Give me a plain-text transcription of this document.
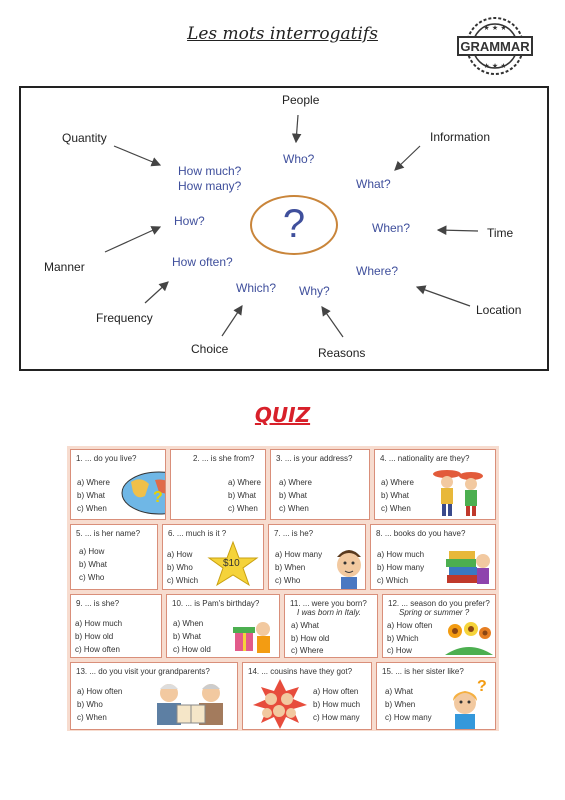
Les mots interrogatifs
GRAMMAR
★ ★ ★
★ ★ ★
People
Quantity	Information
Manner
Time
Frequency
Location
Choice	Reasons
Who?
How much?
How many?	What?
How?	When?
How often?
Where?
Which? Why?
?
QUIZ
1. ... do you live?
a) Where
b) What
c) When
?
2. ... is she from?
a) Where
b) What
c) When
3. ... is your address?
a) Where
b) What
c) When
4. ... nationality are they?
a) Where
b) What
c) When
5. ... is her name?
a) How
b) What
c) Who
6. ... much is it ?
a) How
b) Who
c) Which
$10
7. ... is he?
a) How many
b) When
c) Who
8. ... books do you have?
a) How much
b) How many
c) Which
9. ... is she?
a) How much
b) How old
c) How often
10. ... is Pam's birthday?
a) When
b) What
c) How old
11. ... were you born?
I was born in Italy.
a) What
b) How old
c) Where
12. ... season do you prefer?
Spring or summer ?
a) How often
b) Which
c) How
13. ... do you visit your grandparents?
a) How often
b) Who
c) When
14. ... cousins have they got?
a) How often
b) How much
c) How many
15. ... is her sister like?
a) What
b) When
c) How many
?
